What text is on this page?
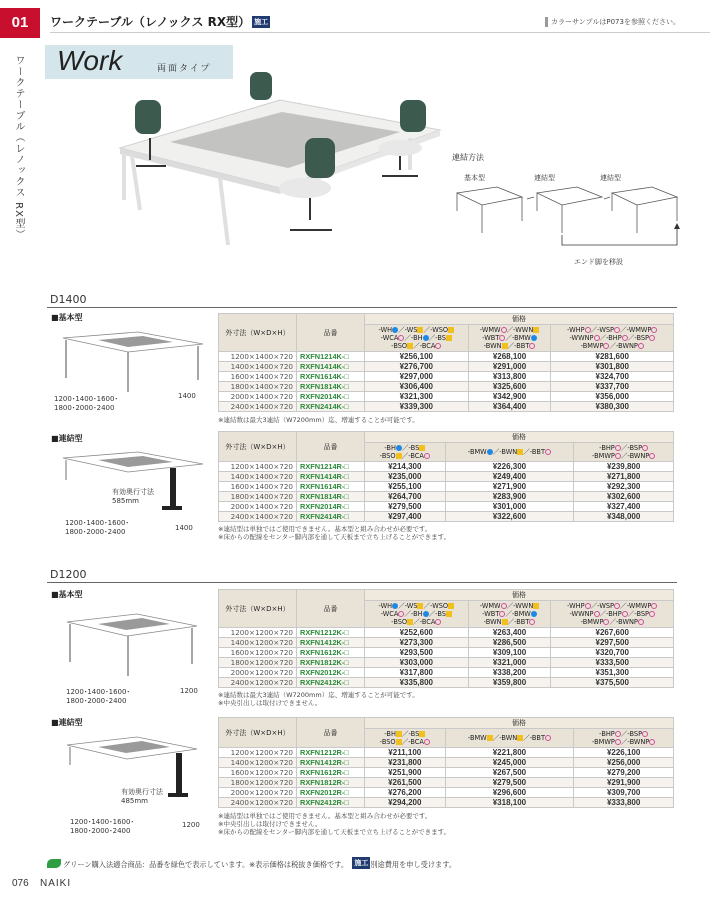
01	ワークテーブル（レノックス RX型） 施工	カラーサンプルはP073を参照ください。
ワークテーブル（レノックス RX型） Work	両面タイプ
連結方法
基本型	連結型	連結型
エンド脚を移設
D1400
■基本型
1200･1400･1600･
1800･2000･2400
1400
外寸法（W×D×H）	品番	価格		
		-WH ／-WS ／-WSO
-WCA ／-BH ／-BS
-BSO ／-BCA	-WMW ／-WWN
-WBT ／-BMW
-BWN ／-BBT	-WHP ／-WSP ／-WMWP
-WWNP ／-BHP ／-BSP
-BMWP ／-BWNP
1200×1400×720	RXFN1214K-□	¥256,100	¥268,100	¥281,600
1400×1400×720	RXFN1414K-□	¥276,700	¥291,000	¥301,800
1600×1400×720	RXFN1614K-□	¥297,000	¥313,800	¥324,700
1800×1400×720	RXFN1814K-□	¥306,400	¥325,600	¥337,700
2000×1400×720	RXFN2014K-□	¥321,300	¥342,900	¥356,000
2400×1400×720	RXFN2414K-□	¥339,300	¥364,400	¥380,300
※連結数は最大3連結（W7200mm）迄、増連することが可能です。
■連結型
有効奥行寸法
585mm
1200･1400･1600･
1800･2000･2400	1400
外寸法（W×D×H）	品番	価格		
		-BH ／-BS
-BSO ／-BCA	-BMW ／-BWN ／-BBT	-BHP ／-BSP
-BMWP ／-BWNP
1200×1400×720	RXFN1214R-□	¥214,300	¥226,300	¥239,800
1400×1400×720	RXFN1414R-□	¥235,000	¥249,400	¥271,800
1600×1400×720	RXFN1614R-□	¥255,100	¥271,900	¥292,300
1800×1400×720	RXFN1814R-□	¥264,700	¥283,900	¥302,600
2000×1400×720	RXFN2014R-□	¥279,500	¥301,000	¥327,400
2400×1400×720	RXFN2414R-□	¥297,400	¥322,600	¥348,000
※連結型は単独ではご使用できません。基本型と組み合わせが必要です。
※床からの配線をセンター脚内部を通して天板まで立ち上げることができます。
D1200
■基本型
1200･1400･1600･
1800･2000･2400
1200
外寸法（W×D×H）	品番	価格		
		-WH ／-WS ／-WSO
-WCA ／-BH ／-BS
-BSO ／-BCA	-WMW ／-WWN
-WBT ／-BMW
-BWN ／-BBT	-WHP ／-WSP ／-WMWP
-WWNP ／-BHP ／-BSP
-BMWP ／-BWNP
1200×1200×720	RXFN1212K-□	¥252,600	¥263,400	¥267,600
1400×1200×720	RXFN1412K-□	¥273,300	¥286,500	¥297,500
1600×1200×720	RXFN1612K-□	¥293,500	¥309,100	¥320,700
1800×1200×720	RXFN1812K-□	¥303,000	¥321,000	¥333,500
2000×1200×720	RXFN2012K-□	¥317,800	¥338,200	¥351,300
2400×1200×720	RXFN2412K-□	¥335,800	¥359,800	¥375,500
※連結数は最大3連結（W7200mm）迄、増連することが可能です。
※中央引出しは取付けできません。
■連結型
有効奥行寸法
485mm
1200･1400･1600･
1800･2000･2400
1200
外寸法（W×D×H）	品番	価格		
		-BH ／-BS
-BSO ／-BCA	-BMW ／-BWN ／-BBT	-BHP ／-BSP
-BMWP ／-BWNP
1200×1200×720	RXFN1212R-□	¥211,100	¥221,800	¥226,100
1400×1200×720	RXFN1412R-□	¥231,800	¥245,000	¥256,000
1600×1200×720	RXFN1612R-□	¥251,900	¥267,500	¥279,200
1800×1200×720	RXFN1812R-□	¥261,500	¥279,500	¥291,900
2000×1200×720	RXFN2012R-□	¥276,200	¥296,600	¥309,700
2400×1200×720	RXFN2412R-□	¥294,200	¥318,100	¥333,800
※連結型は単独ではご使用できません。基本型と組み合わせが必要です。
※中央引出しは取付けできません。
※床からの配線をセンター脚内部を通して天板まで立ち上げることができます。
グリーン購入法適合商品：品番を緑色で表示しています。※表示価格は税抜き価格です。 施工 別途費用を申し受けます。
076 NAIKI
